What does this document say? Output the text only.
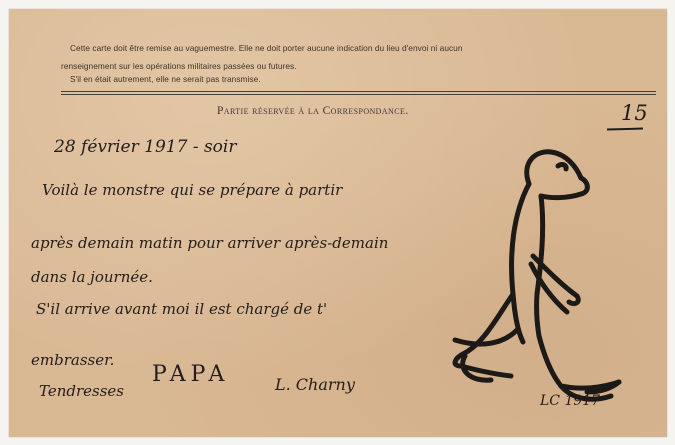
Cette carte doit être remise au vaguemestre. Elle ne doit porter aucune indication du lieu d'envoi ni aucun
renseignement sur les opérations militaires passées ou futures.
S'il en était autrement, elle ne serait pas transmise.
Partie réservée à la Correspondance.	15
28 février 1917 - soir
Voilà le monstre qui se prépare à partir
après demain matin pour arriver après-demain
dans la journée.
S'il arrive avant moi il est chargé de t'
embrasser.
Tendresses
PAPA	L. Charny
LC 1917
